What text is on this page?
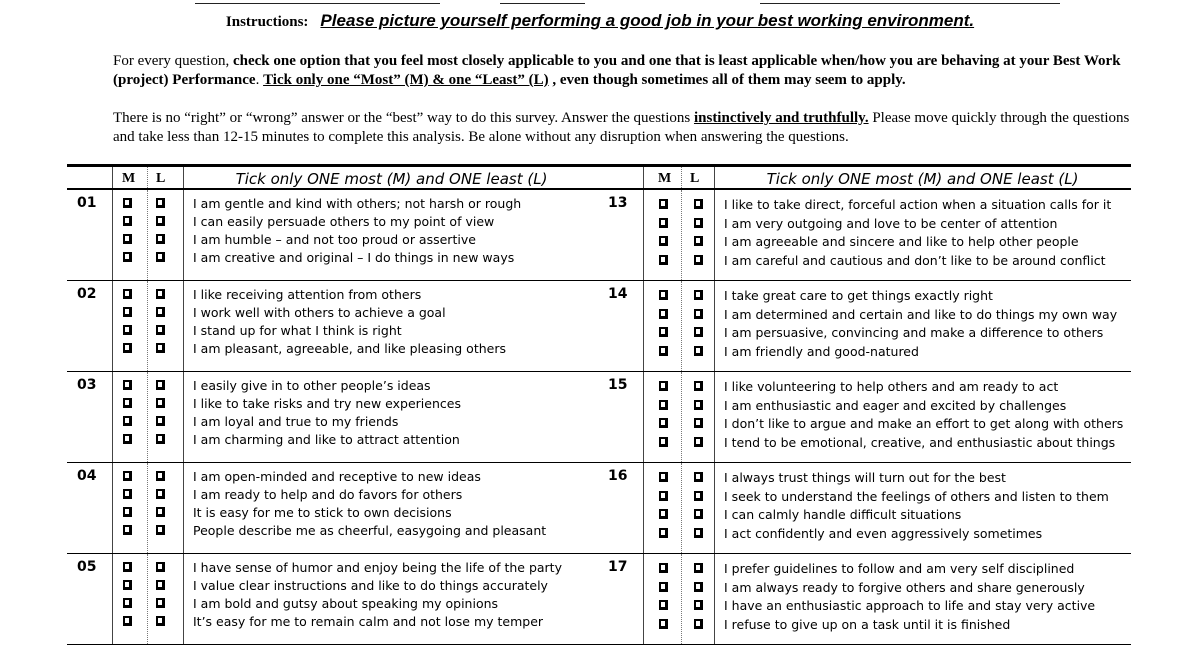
Instructions: Please picture yourself performing a good job in your best working environment.
For every question, check one option that you feel most closely applicable to you and one that is least applicable when/how you are behaving at your Best Work (project) Performance. Tick only one “Most” (M) & one “Least” (L) , even though sometimes all of them may seem to apply.
There is no “right” or “wrong” answer or the “best” way to do this survey. Answer the questions instinctively and truthfully. Please move quickly through the questions and take less than 12-15 minutes to complete this analysis. Be alone without any disruption when answering the questions.
M L	Tick only ONE most (M) and ONE least (L)
01	I am gentle and kind with others; not harsh or rough
I can easily persuade others to my point of view
I am humble – and not too proud or assertive
I am creative and original – I do things in new ways
02	I like receiving attention from others
I work well with others to achieve a goal
I stand up for what I think is right
I am pleasant, agreeable, and like pleasing others
03	I easily give in to other people’s ideas
I like to take risks and try new experiences
I am loyal and true to my friends
I am charming and like to attract attention
04	I am open-minded and receptive to new ideas
I am ready to help and do favors for others
It is easy for me to stick to own decisions
People describe me as cheerful, easygoing and pleasant
05	I have sense of humor and enjoy being the life of the party
I value clear instructions and like to do things accurately
I am bold and gutsy about speaking my opinions
It’s easy for me to remain calm and not lose my temper
M L	Tick only ONE most (M) and ONE least (L)
13	I like to take direct, forceful action when a situation calls for it
I am very outgoing and love to be center of attention
I am agreeable and sincere and like to help other people
I am careful and cautious and don’t like to be around conflict
14	I take great care to get things exactly right
I am determined and certain and like to do things my own way
I am persuasive, convincing and make a difference to others
I am friendly and good-natured
15	I like volunteering to help others and am ready to act
I am enthusiastic and eager and excited by challenges
I don’t like to argue and make an effort to get along with others
I tend to be emotional, creative, and enthusiastic about things
16	I always trust things will turn out for the best
I seek to understand the feelings of others and listen to them
I can calmly handle difficult situations
I act confidently and even aggressively sometimes
17	I prefer guidelines to follow and am very self disciplined
I am always ready to forgive others and share generously
I have an enthusiastic approach to life and stay very active
I refuse to give up on a task until it is finished
